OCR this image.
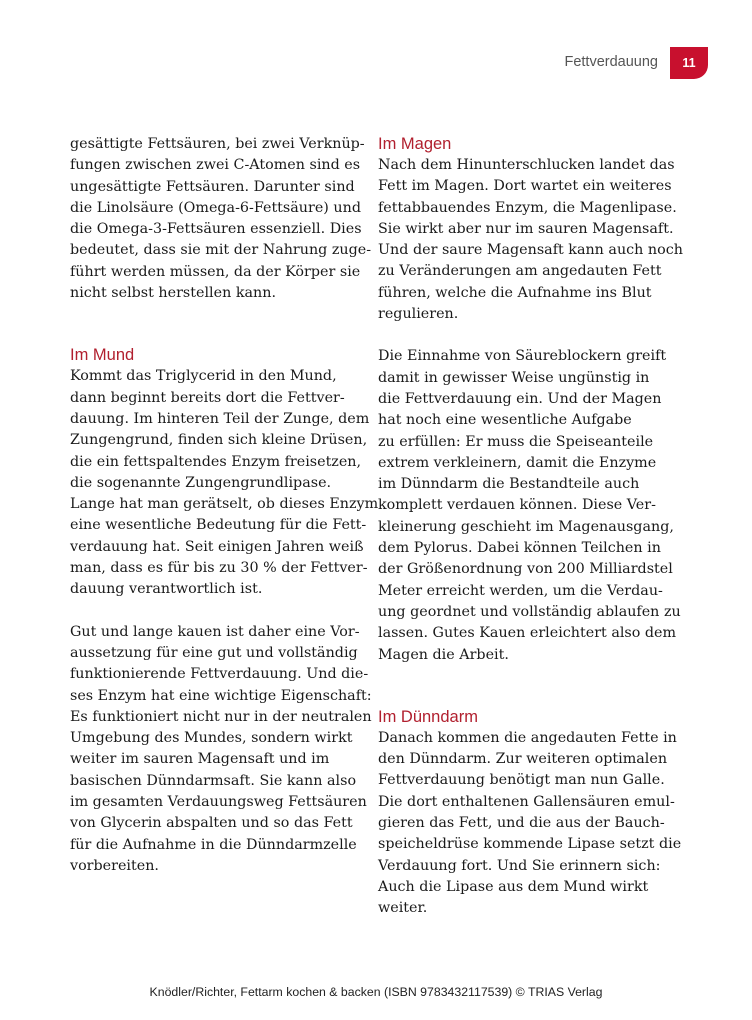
Fettverdauung	11

gesättigte Fettsäuren, bei zwei Verknüp-
fungen zwischen zwei C-Atomen sind es
ungesättigte Fettsäuren. Darunter sind
die Linolsäure (Omega-6-Fettsäure) und
die Omega-3-Fettsäuren essenziell. Dies
bedeutet, dass sie mit der Nahrung zuge-
führt werden müssen, da der Körper sie
nicht selbst herstellen kann.

Im Mund

Kommt das Triglycerid in den Mund,
dann beginnt bereits dort die Fettver-
dauung. Im hinteren Teil der Zunge, dem
Zungengrund, finden sich kleine Drüsen,
die ein fettspaltendes Enzym freisetzen,
die sogenannte Zungengrundlipase.
Lange hat man gerätselt, ob dieses Enzym
eine wesentliche Bedeutung für die Fett-
verdauung hat. Seit einigen Jahren weiß
man, dass es für bis zu 30 % der Fettver-
dauung verantwortlich ist.

Gut und lange kauen ist daher eine Vor-
aussetzung für eine gut und vollständig
funktionierende Fettverdauung. Und die-
ses Enzym hat eine wichtige Eigenschaft:
Es funktioniert nicht nur in der neutralen
Umgebung des Mundes, sondern wirkt
weiter im sauren Magensaft und im
basischen Dünndarmsaft. Sie kann also
im gesamten Verdauungsweg Fettsäuren
von Glycerin abspalten und so das Fett
für die Aufnahme in die Dünndarmzelle
vorbereiten.

Im Magen

Nach dem Hinunterschlucken landet das
Fett im Magen. Dort wartet ein weiteres
fettabbauendes Enzym, die Magenlipase.
Sie wirkt aber nur im sauren Magensaft.
Und der saure Magensaft kann auch noch
zu Veränderungen am angedauten Fett
führen, welche die Aufnahme ins Blut
regulieren.

Die Einnahme von Säureblockern greift
damit in gewisser Weise ungünstig in
die Fettverdauung ein. Und der Magen
hat noch eine wesentliche Aufgabe
zu erfüllen: Er muss die Speiseanteile
extrem verkleinern, damit die Enzyme
im Dünndarm die Bestandteile auch
komplett verdauen können. Diese Ver-
kleinerung geschieht im Magenausgang,
dem Pylorus. Dabei können Teilchen in
der Größenordnung von 200 Milliardstel
Meter erreicht werden, um die Verdau-
ung geordnet und vollständig ablaufen zu
lassen. Gutes Kauen erleichtert also dem
Magen die Arbeit.

Im Dünndarm

Danach kommen die angedauten Fette in
den Dünndarm. Zur weiteren optimalen
Fettverdauung benötigt man nun Galle.
Die dort enthaltenen Gallensäuren emul-
gieren das Fett, und die aus der Bauch-
speicheldrüse kommende Lipase setzt die
Verdauung fort. Und Sie erinnern sich:
Auch die Lipase aus dem Mund wirkt
weiter.

Knödler/Richter, Fettarm kochen & backen (ISBN 9783432117539) © TRIAS Verlag
